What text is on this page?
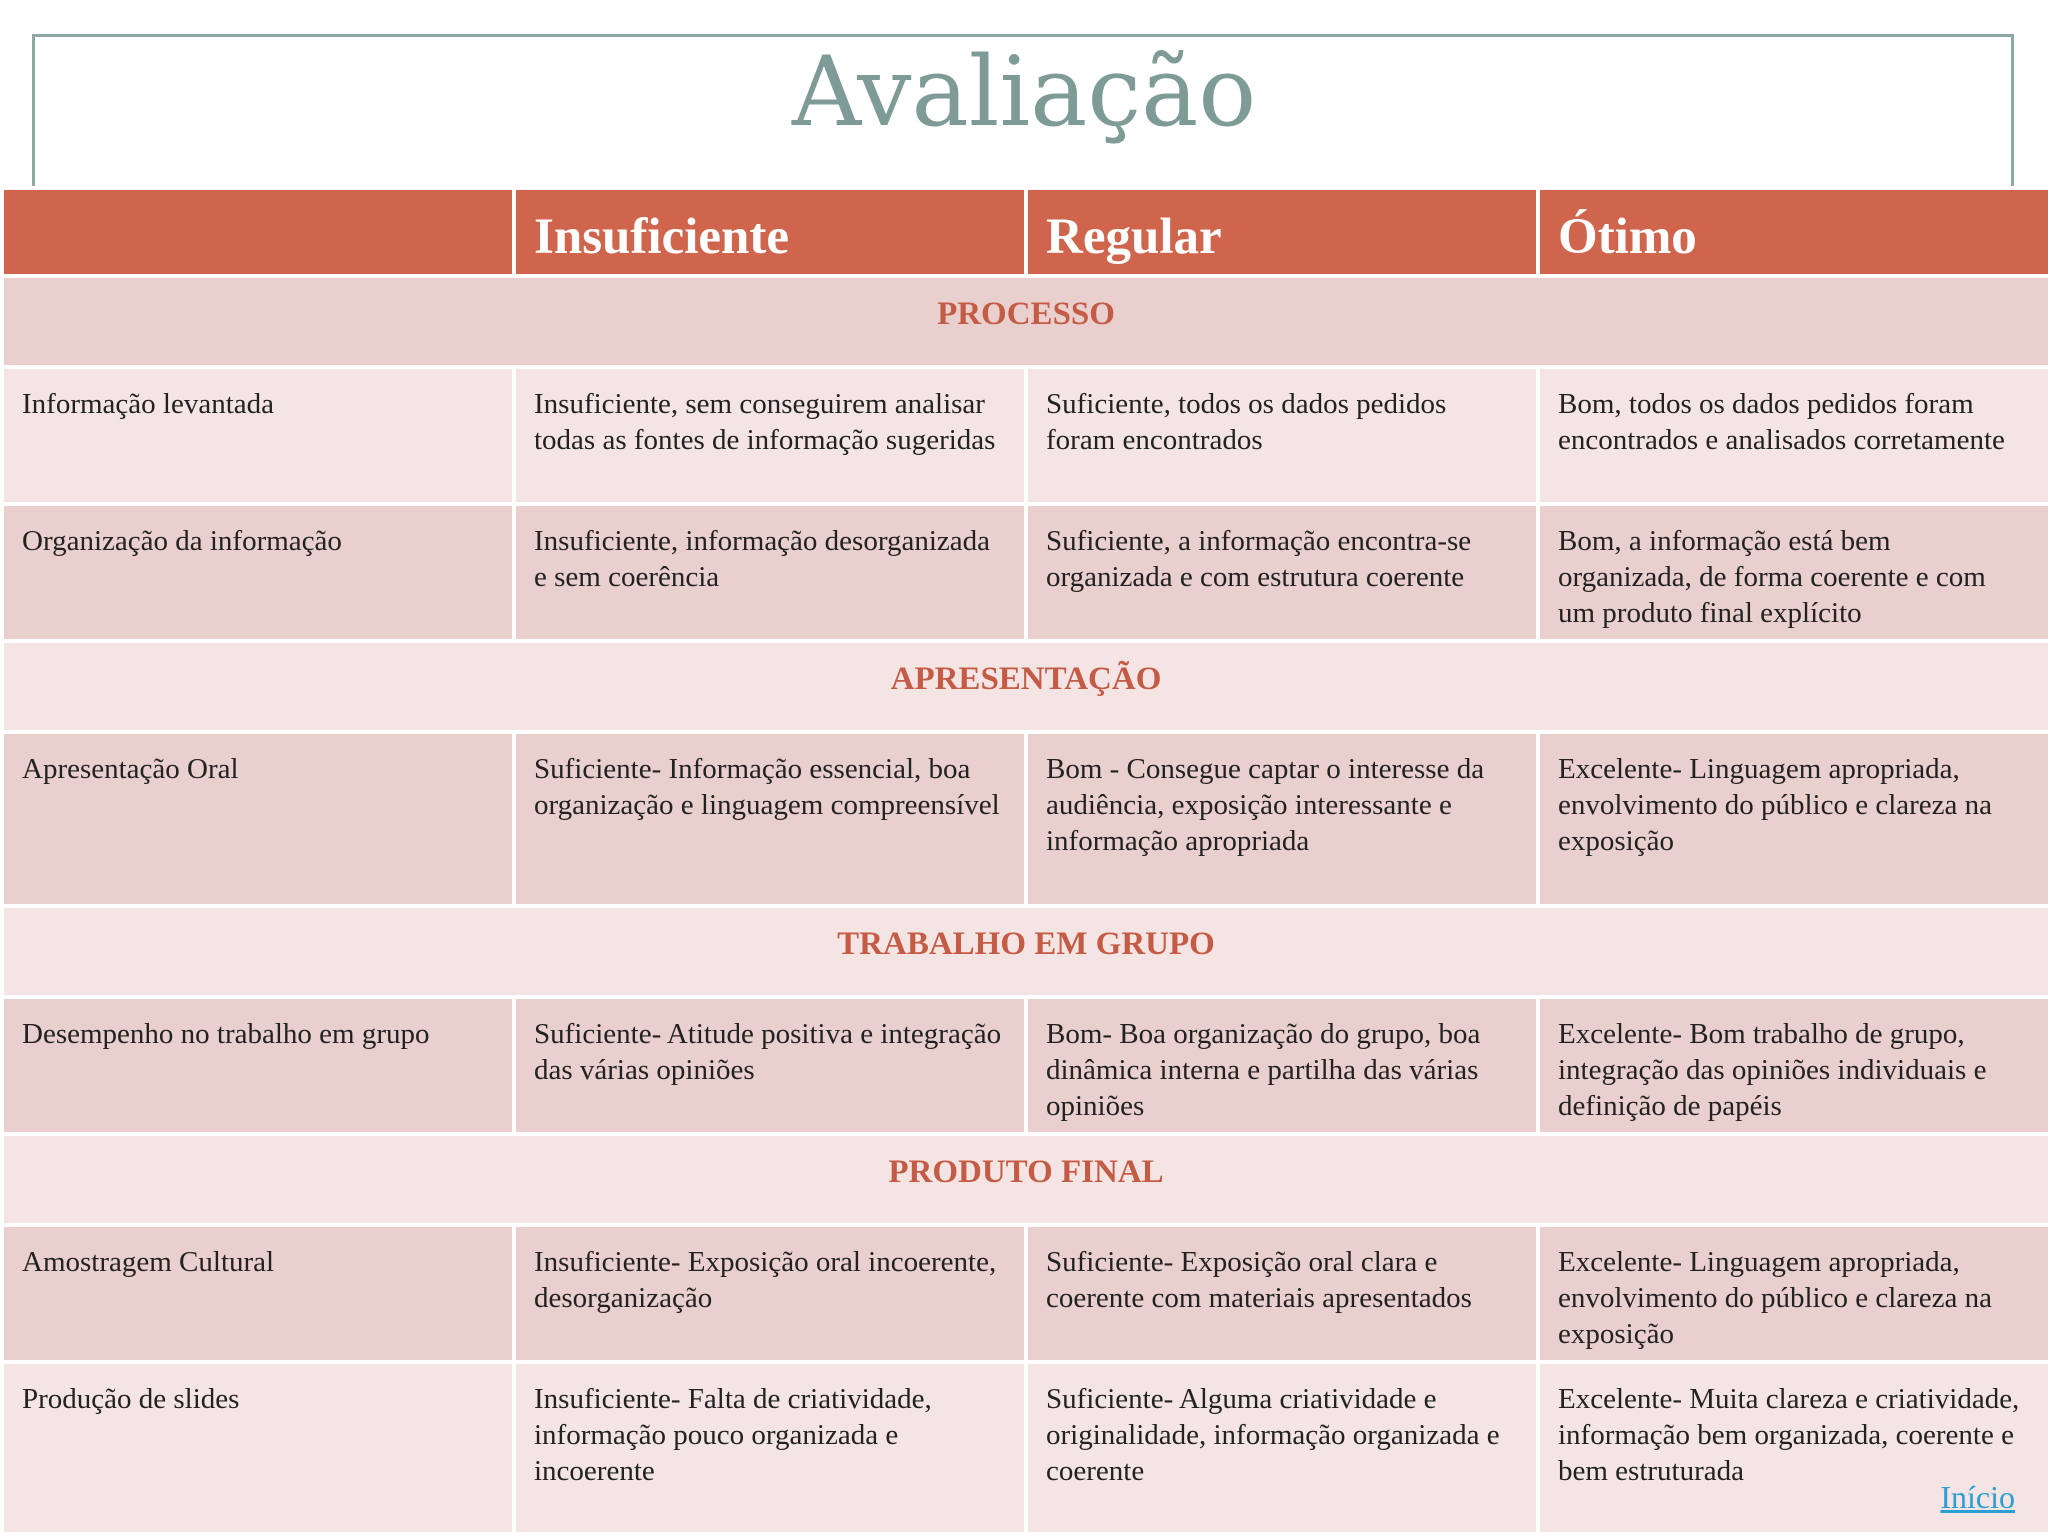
Avaliação
	Insuficiente	Regular	Ótimo
PROCESSO			
Informação levantada	Insuficiente, sem conseguirem analisar todas as fontes de informação sugeridas	Suficiente, todos os dados pedidos foram encontrados	Bom, todos os dados pedidos foram encontrados e analisados corretamente
Organização da informação	Insuficiente, informação desorganizada e sem coerência	Suficiente, a informação encontra-se organizada e com estrutura coerente	Bom, a informação está bem organizada, de forma coerente e com um produto final explícito
APRESENTAÇÃO			
Apresentação Oral	Suficiente- Informação essencial, boa organização e linguagem compreensível	Bom - Consegue captar o interesse da audiência, exposição interessante e informação apropriada	Excelente- Linguagem apropriada, envolvimento do público e clareza na exposição
TRABALHO EM GRUPO			
Desempenho no trabalho em grupo	Suficiente- Atitude positiva e integração das várias opiniões	Bom- Boa organização do grupo, boa dinâmica interna e partilha das várias opiniões	Excelente- Bom trabalho de grupo, integração das opiniões individuais e definição de papéis
PRODUTO FINAL			
Amostragem Cultural	Insuficiente- Exposição oral incoerente, desorganização	Suficiente- Exposição oral clara e coerente com materiais apresentados	Excelente- Linguagem apropriada, envolvimento do público e clareza na exposição
Produção de slides	Insuficiente- Falta de criatividade, informação pouco organizada e incoerente	Suficiente- Alguma criatividade e originalidade, informação organizada e coerente	Excelente- Muita clareza e criatividade, informação bem organizada, coerente e bem estruturada
Início
